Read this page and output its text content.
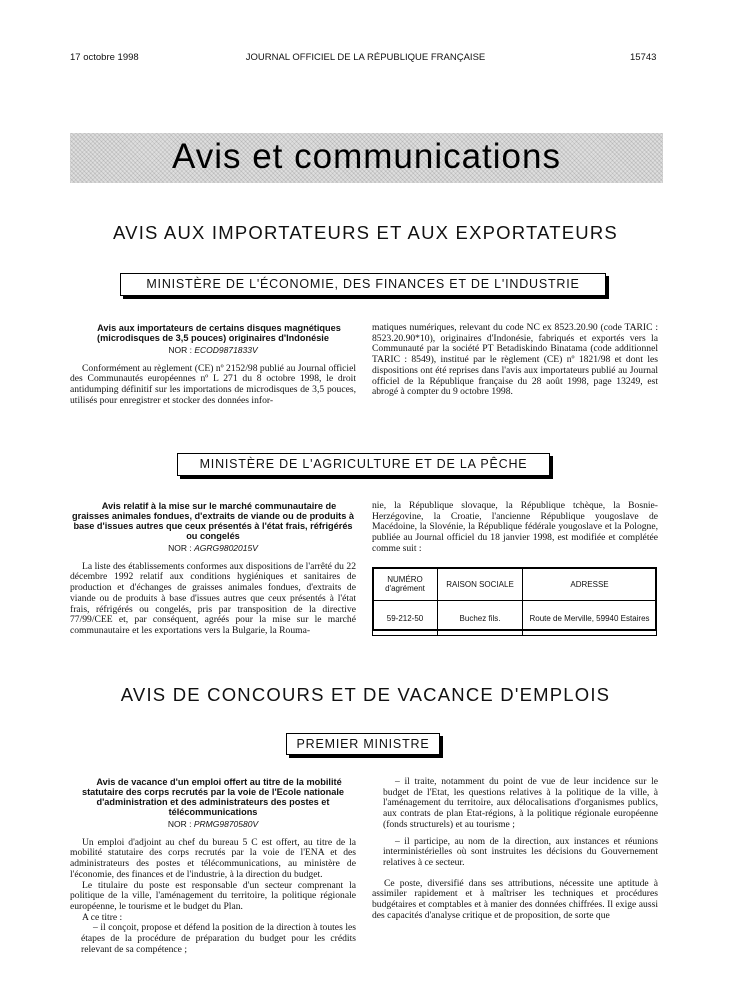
17 octobre 1998	JOURNAL OFFICIEL DE LA RÉPUBLIQUE FRANÇAISE	15743
Avis et communications
AVIS AUX IMPORTATEURS ET AUX EXPORTATEURS
MINISTÈRE DE L'ÉCONOMIE, DES FINANCES ET DE L'INDUSTRIE

Avis aux importateurs de certains disques magnétiques (microdisques de 3,5 pouces) originaires d'Indonésie

NOR : ECOD9871833V

Conformément au règlement (CE) nº 2152/98 publié au Journal officiel des Communautés européennes nº L 271 du 8 octobre 1998, le droit antidumping définitif sur les importations de microdisques de 3,5 pouces, utilisés pour enregistrer et stocker des données infor-

matiques numériques, relevant du code NC ex 8523.20.90 (code TARIC : 8523.20.90*10), originaires d'Indonésie, fabriqués et exportés vers la Communauté par la société PT Betadiskindo Binatama (code additionnel TARIC : 8549), institué par le règlement (CE) nº 1821/98 et dont les dispositions ont été reprises dans l'avis aux importateurs publié au Journal officiel de la République française du 28 août 1998, page 13249, est abrogé à compter du 9 octobre 1998.

MINISTÈRE DE L'AGRICULTURE ET DE LA PÊCHE

Avis relatif à la mise sur le marché communautaire de graisses animales fondues, d'extraits de viande ou de produits à base d'issues autres que ceux présentés à l'état frais, réfrigérés ou congelés

NOR : AGRG9802015V

La liste des établissements conformes aux dispositions de l'arrêté du 22 décembre 1992 relatif aux conditions hygiéniques et sanitaires de production et d'échanges de graisses animales fondues, d'extraits de viande ou de produits à base d'issues autres que ceux présentés à l'état frais, réfrigérés ou congelés, pris par transposition de la directive 77/99/CEE et, par conséquent, agréés pour la mise sur le marché communautaire et les exportations vers la Bulgarie, la Rouma-

nie, la République slovaque, la République tchèque, la Bosnie-Herzégovine, la Croatie, l'ancienne République yougoslave de Macédoine, la Slovénie, la République fédérale yougoslave et la Pologne, publiée au Journal officiel du 18 janvier 1998, est modifiée et complétée comme suit :

NUMÉRO d'agrément	RAISON SOCIALE	ADRESSE
59-212-50	Buchez fils.	Route de Merville, 59940 Estaires
AVIS DE CONCOURS ET DE VACANCE D'EMPLOIS
PREMIER MINISTRE

Avis de vacance d'un emploi offert au titre de la mobilité statutaire des corps recrutés par la voie de l'Ecole nationale d'administration et des administrateurs des postes et télécommunications

NOR : PRMG9870580V

Un emploi d'adjoint au chef du bureau 5 C est offert, au titre de la mobilité statutaire des corps recrutés par la voie de l'ENA et des administrateurs des postes et télécommunications, au ministère de l'économie, des finances et de l'industrie, à la direction du budget.

Le titulaire du poste est responsable d'un secteur comprenant la politique de la ville, l'aménagement du territoire, la politique régionale européenne, le tourisme et le budget du Plan.

A ce titre :

– il conçoit, propose et défend la position de la direction à toutes les étapes de la procédure de préparation du budget pour les crédits relevant de sa compétence ;

– il traite, notamment du point de vue de leur incidence sur le budget de l'Etat, les questions relatives à la politique de la ville, à l'aménagement du territoire, aux délocalisations d'organismes publics, aux contrats de plan Etat-régions, à la politique régionale européenne (fonds structurels) et au tourisme ;

– il participe, au nom de la direction, aux instances et réunions interministérielles où sont instruites les décisions du Gouvernement relatives à ce secteur.

Ce poste, diversifié dans ses attributions, nécessite une aptitude à assimiler rapidement et à maîtriser les techniques et procédures budgétaires et comptables et à manier des données chiffrées. Il exige aussi des capacités d'analyse critique et de proposition, de sorte que
